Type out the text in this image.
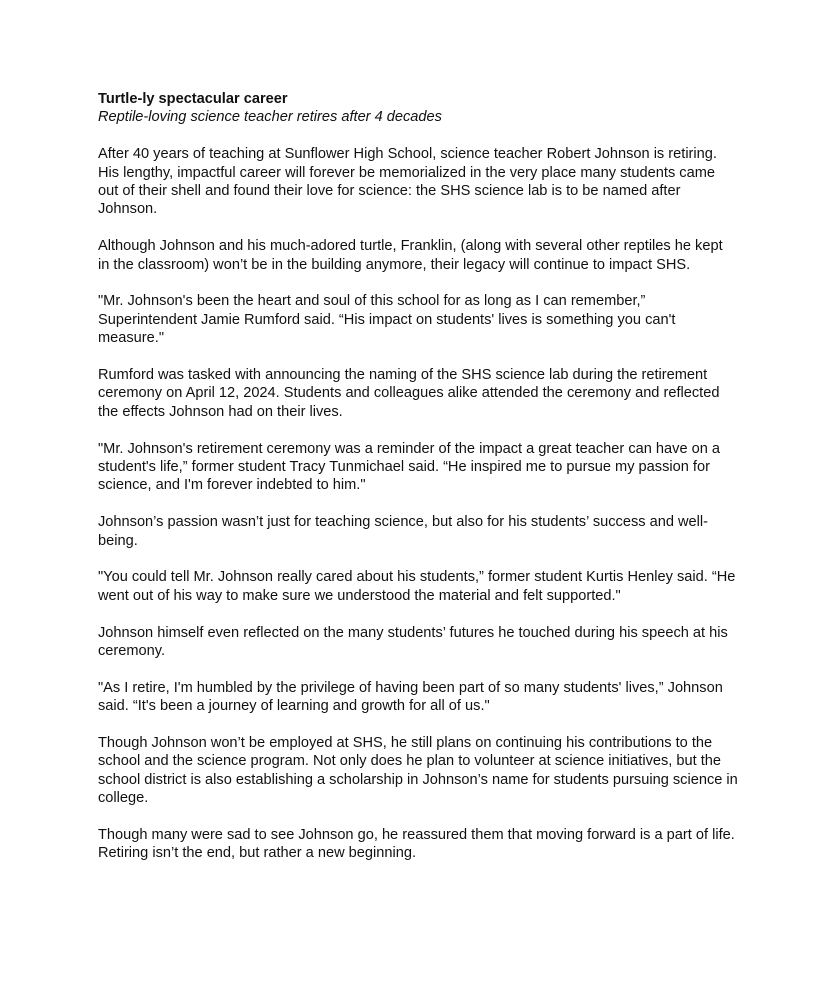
Turtle-ly spectacular career

Reptile-loving science teacher retires after 4 decades

After 40 years of teaching at Sunflower High School, science teacher Robert Johnson is retiring. His lengthy, impactful career will forever be memorialized in the very place many students came out of their shell and found their love for science: the SHS science lab is to be named after Johnson.

Although Johnson and his much-adored turtle, Franklin, (along with several other reptiles he kept in the classroom) won’t be in the building anymore, their legacy will continue to impact SHS.

"Mr. Johnson's been the heart and soul of this school for as long as I can remember,” Superintendent Jamie Rumford said. “His impact on students' lives is something you can't measure."

Rumford was tasked with announcing the naming of the SHS science lab during the retirement ceremony on April 12, 2024. Students and colleagues alike attended the ceremony and reflected the effects Johnson had on their lives.

"Mr. Johnson's retirement ceremony was a reminder of the impact a great teacher can have on a student's life,” former student Tracy Tunmichael said. “He inspired me to pursue my passion for science, and I'm forever indebted to him."

Johnson’s passion wasn’t just for teaching science, but also for his students’ success and well-being.

"You could tell Mr. Johnson really cared about his students,” former student Kurtis Henley said. “He went out of his way to make sure we understood the material and felt supported."

Johnson himself even reflected on the many students’ futures he touched during his speech at his ceremony.

"As I retire, I'm humbled by the privilege of having been part of so many students' lives,” Johnson said. “It's been a journey of learning and growth for all of us."

Though Johnson won’t be employed at SHS, he still plans on continuing his contributions to the school and the science program. Not only does he plan to volunteer at science initiatives, but the school district is also establishing a scholarship in Johnson’s name for students pursuing science in college.

Though many were sad to see Johnson go, he reassured them that moving forward is a part of life. Retiring isn’t the end, but rather a new beginning.
